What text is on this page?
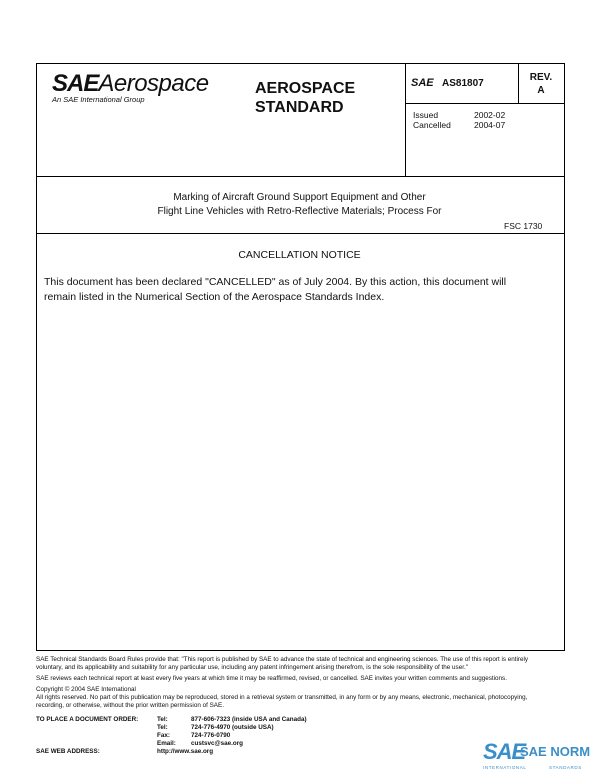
SAEAerospace
An SAE International Group
AEROSPACE
STANDARD
SAE AS81807
REV.
A
Issued	2002-02
Cancelled	2004-07
Marking of Aircraft Ground Support Equipment and Other
Flight Line Vehicles with Retro-Reflective Materials; Process For
FSC 1730
CANCELLATION NOTICE
This document has been declared "CANCELLED" as of July 2004. By this action, this document will
remain listed in the Numerical Section of the Aerospace Standards Index.
SAE Technical Standards Board Rules provide that: "This report is published by SAE to advance the state of technical and engineering sciences. The use of this report is entirely
voluntary, and its applicability and suitability for any particular use, including any patent infringement arising therefrom, is the sole responsibility of the user."
SAE reviews each technical report at least every five years at which time it may be reaffirmed, revised, or cancelled. SAE invites your written comments and suggestions.
Copyright © 2004 SAE International
All rights reserved. No part of this publication may be reproduced, stored in a retrieval system or transmitted, in any form or by any means, electronic, mechanical, photocopying,
recording, or otherwise, without the prior written permission of SAE.
TO PLACE A DOCUMENT ORDER:	Tel:	877-606-7323 (inside USA and Canada)
Tel:	724-776-4970 (outside USA)
Fax:	724-776-0790
Email: custsvc@sae.org
SAE WEB ADDRESS:	http://www.sae.org	SAE
SAE NORM
INTERNATIONAL	STANDARDS
